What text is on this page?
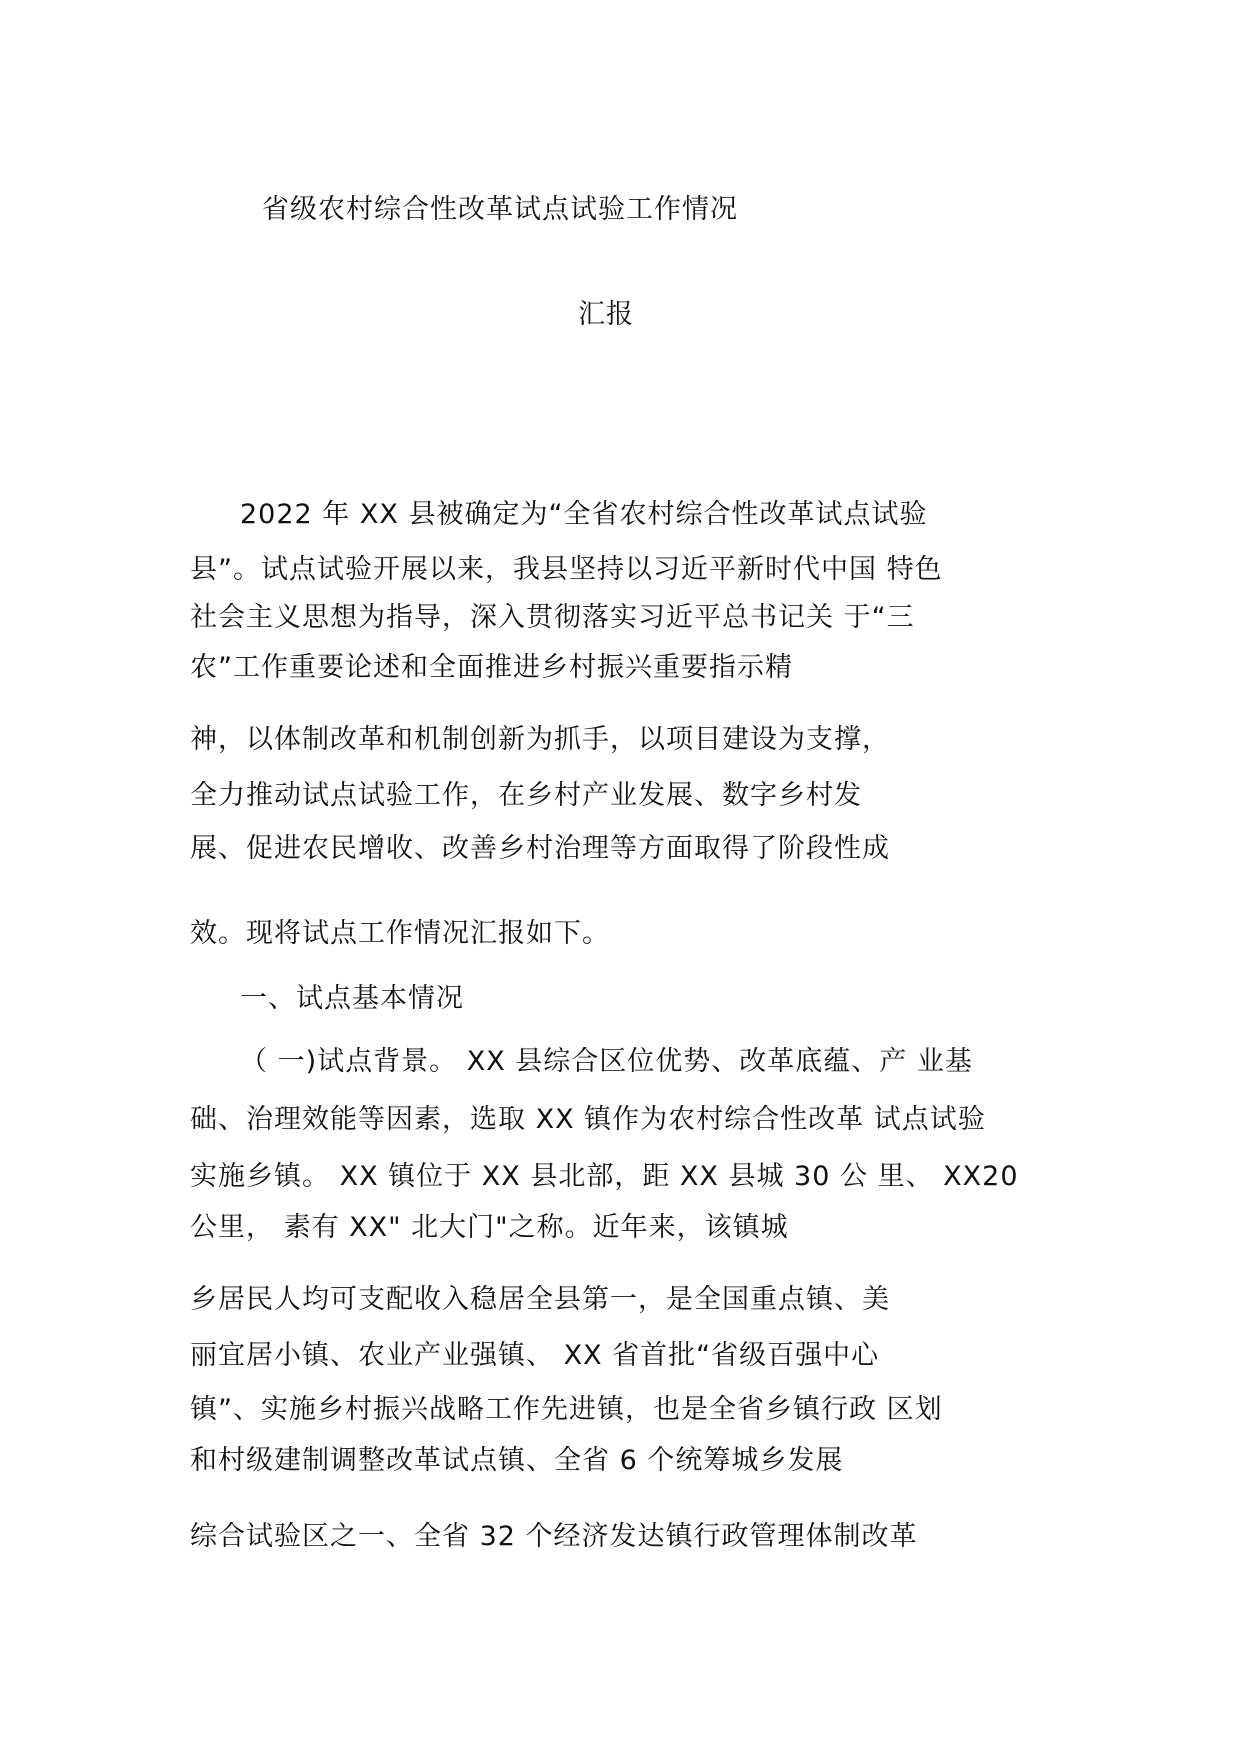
省级农村综合性改革试点试验工作情况
汇报
2022 年 XX 县被确定为“全省农村综合性改革试点试验
县”。试点试验开展以来，我县坚持以习近平新时代中国 特色
社会主义思想为指导，深入贯彻落实习近平总书记关 于“三
农”工作重要论述和全面推进乡村振兴重要指示精
神，以体制改革和机制创新为抓手，以项目建设为支撑，
全力推动试点试验工作，在乡村产业发展、数字乡村发
展、促进农民增收、改善乡村治理等方面取得了阶段性成
效。现将试点工作情况汇报如下。
一、试点基本情况
（ 一)试点背景。 XX 县综合区位优势、改革底蕴、产 业基
础、治理效能等因素，选取 XX 镇作为农村综合性改革 试点试验
实施乡镇。 XX 镇位于 XX 县北部，距 XX 县城 30 公 里、 XX20
公里， 素有 XX" 北大门"之称。近年来，该镇城
乡居民人均可支配收入稳居全县第一，是全国重点镇、美
丽宜居小镇、农业产业强镇、 XX 省首批“省级百强中心
镇”、实施乡村振兴战略工作先进镇，也是全省乡镇行政 区划
和村级建制调整改革试点镇、全省 6 个统筹城乡发展
综合试验区之一、全省 32 个经济发达镇行政管理体制改革
